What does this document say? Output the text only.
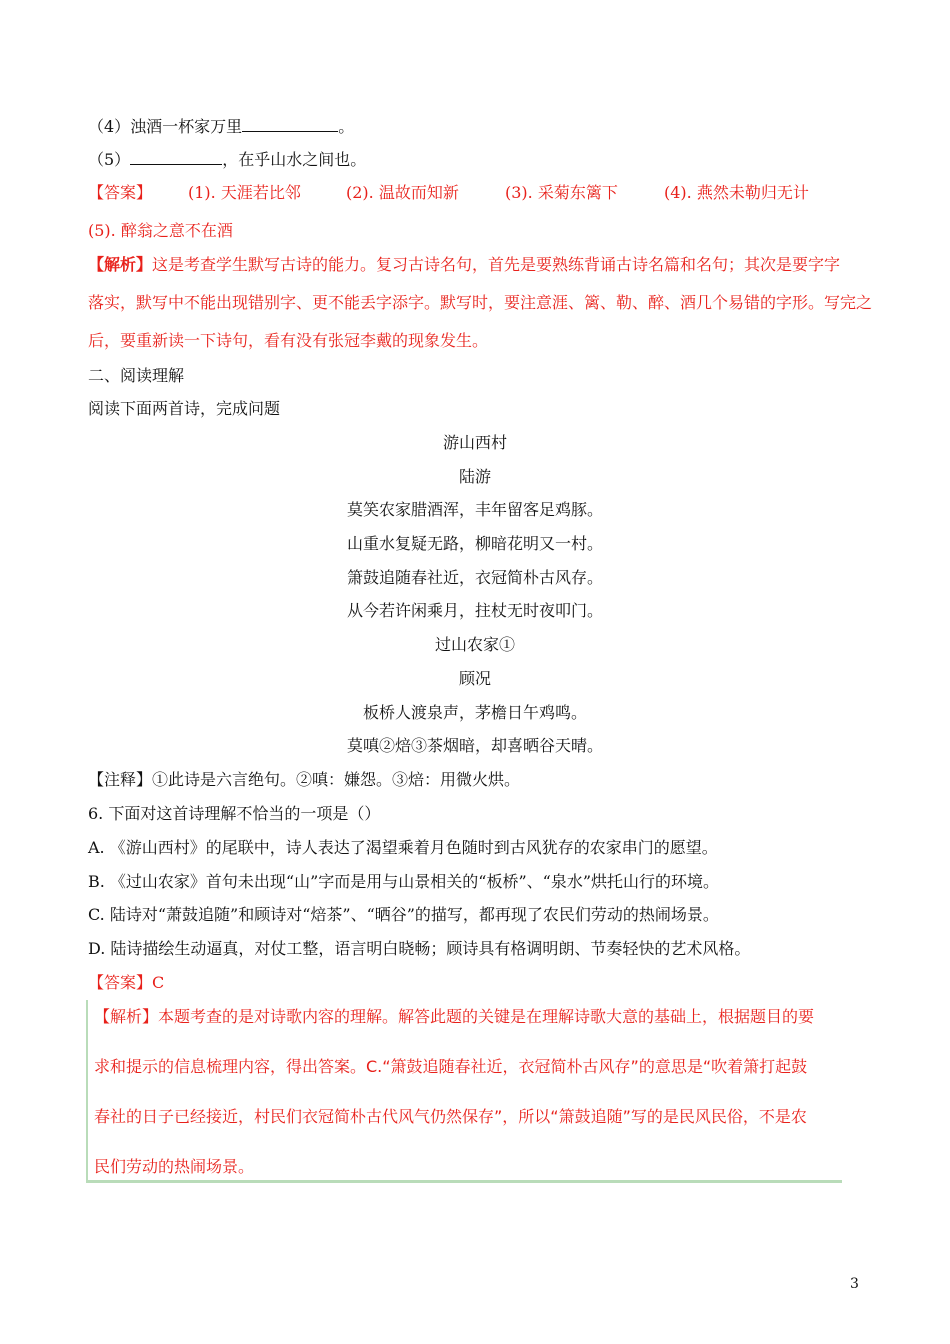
（4）浊酒一杯家万里	。
（5）	，在乎山水之间也。
【答案】 (1). 天涯若比邻	(2). 温故而知新	(3). 采菊东篱下	(4). 燕然未勒归无计
(5). 醉翁之意不在酒
【解析】这是考查学生默写古诗的能力。复习古诗名句，首先是要熟练背诵古诗名篇和名句；其次是要字字
落实，默写中不能出现错别字、更不能丢字添字。默写时，要注意涯、篱、勒、醉、酒几个易错的字形。写完之
后，要重新读一下诗句，看有没有张冠李戴的现象发生。
二、阅读理解
阅读下面两首诗，完成问题
游山西村
陆游
莫笑农家腊酒浑，丰年留客足鸡豚。
山重水复疑无路，柳暗花明又一村。
箫鼓追随春社近，衣冠简朴古风存。
从今若许闲乘月，拄杖无时夜叩门。
过山农家①
顾况
板桥人渡泉声，茅檐日午鸡鸣。
莫嗔②焙③茶烟暗，却喜晒谷天晴。
【注释】①此诗是六言绝句。②嗔：嫌怨。③焙：用微火烘。
6. 下面对这首诗理解不恰当的一项是（）
A. 《游山西村》的尾联中，诗人表达了渴望乘着月色随时到古风犹存的农家串门的愿望。
B. 《过山农家》首句未出现“山”字而是用与山景相关的“板桥”、“泉水”烘托山行的环境。
C. 陆诗对“萧鼓追随”和顾诗对“焙茶”、“晒谷”的描写，都再现了农民们劳动的热闹场景。
D. 陆诗描绘生动逼真，对仗工整，语言明白晓畅；顾诗具有格调明朗、节奏轻快的艺术风格。
【答案】C
【解析】本题考查的是对诗歌内容的理解。解答此题的关键是在理解诗歌大意的基础上，根据题目的要
求和提示的信息梳理内容，得出答案。C.“箫鼓追随春社近，衣冠简朴古风存”的意思是“吹着箫打起鼓
春社的日子已经接近，村民们衣冠简朴古代风气仍然保存”，所以“箫鼓追随”写的是民风民俗，不是农
民们劳动的热闹场景。
3
